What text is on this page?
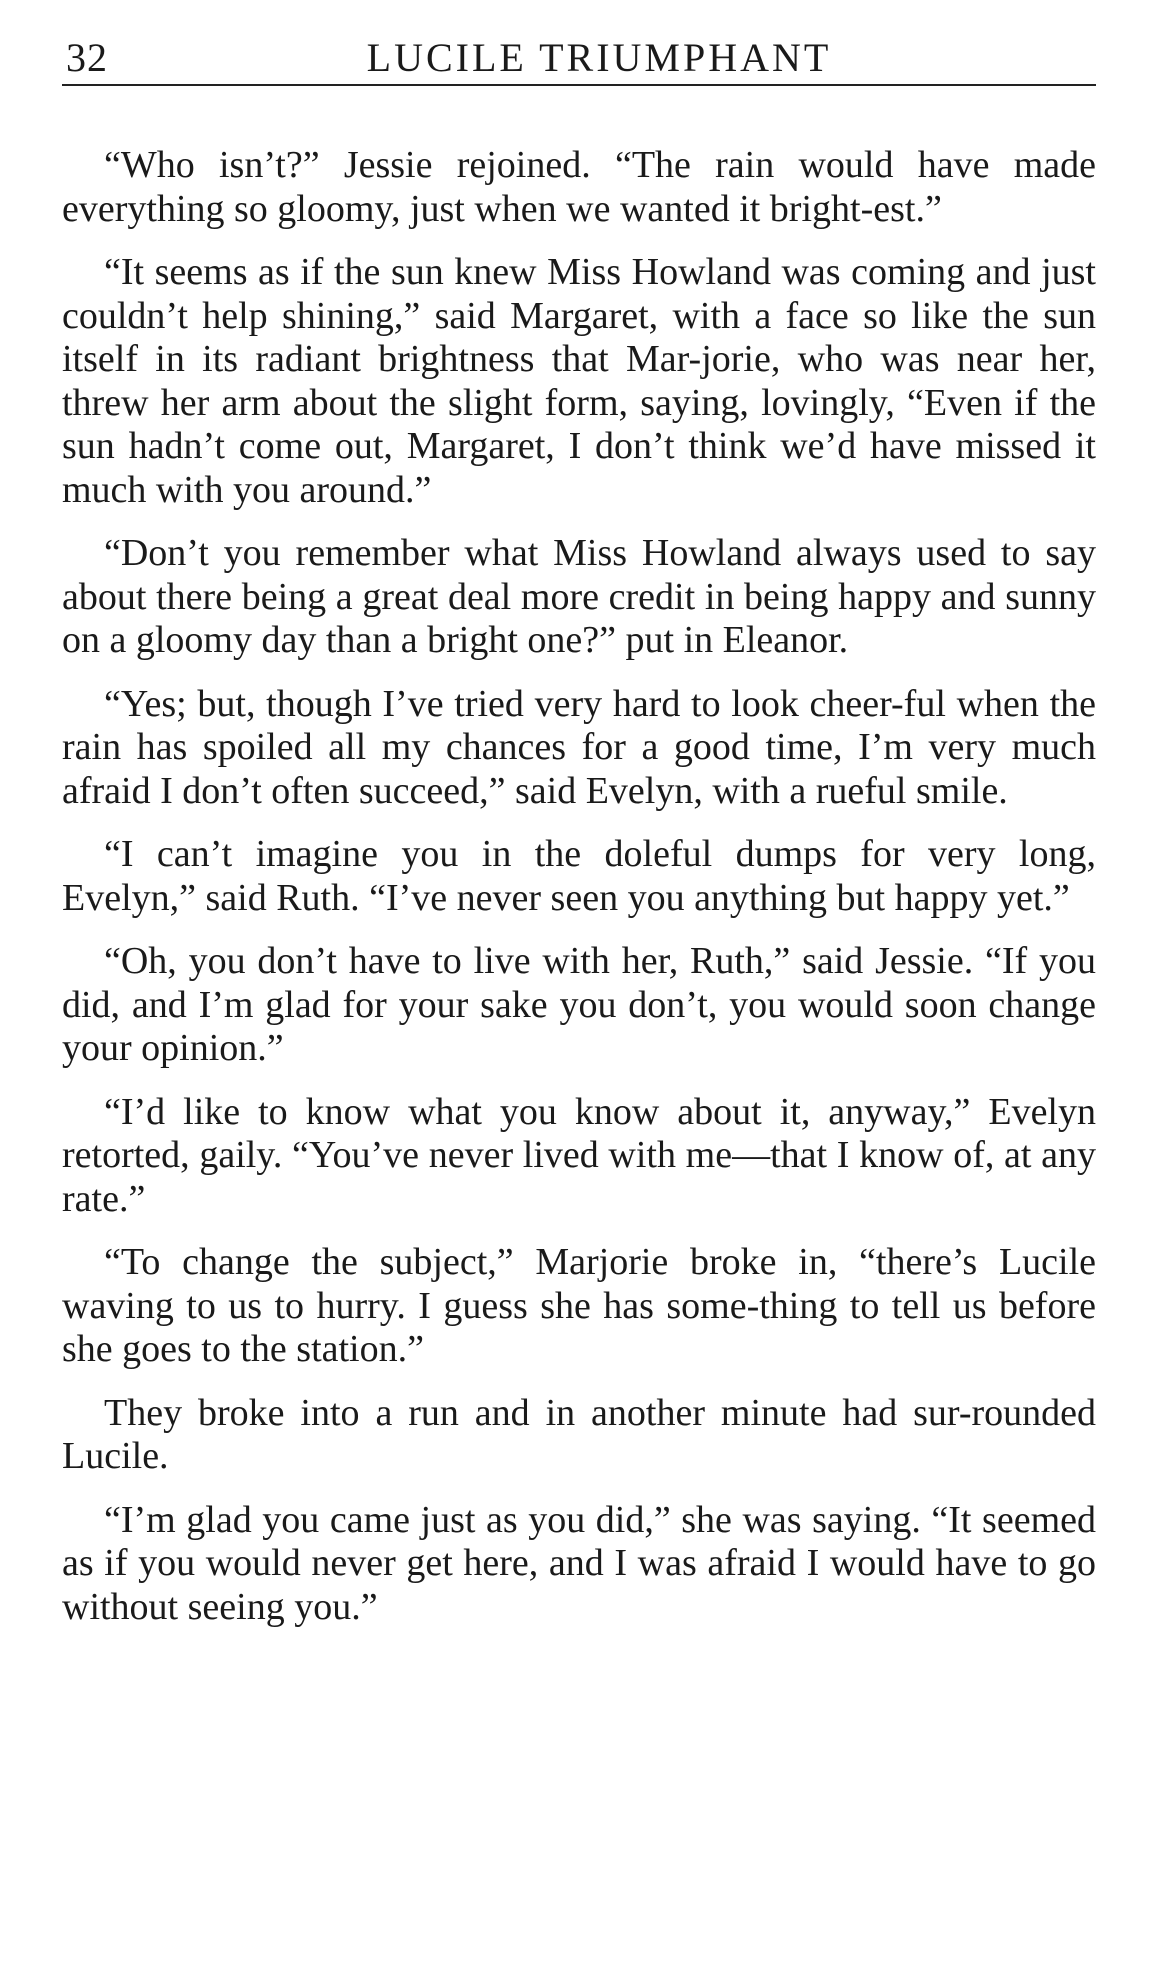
32	LUCILE TRIUMPHANT

“Who isn’t?” Jessie rejoined. “The rain would have made everything so gloomy, just when we wanted it bright-est.”

“It seems as if the sun knew Miss Howland was coming and just couldn’t help shining,” said Margaret, with a face so like the sun itself in its radiant brightness that Mar-jorie, who was near her, threw her arm about the slight form, saying, lovingly, “Even if the sun hadn’t come out, Margaret, I don’t think we’d have missed it much with you around.”

“Don’t you remember what Miss Howland always used to say about there being a great deal more credit in being happy and sunny on a gloomy day than a bright one?” put in Eleanor.

“Yes; but, though I’ve tried very hard to look cheer-ful when the rain has spoiled all my chances for a good time, I’m very much afraid I don’t often succeed,” said Evelyn, with a rueful smile.

“I can’t imagine you in the doleful dumps for very long, Evelyn,” said Ruth. “I’ve never seen you anything but happy yet.”

“Oh, you don’t have to live with her, Ruth,” said Jessie. “If you did, and I’m glad for your sake you don’t, you would soon change your opinion.”

“I’d like to know what you know about it, anyway,” Evelyn retorted, gaily. “You’ve never lived with me—that I know of, at any rate.”

“To change the subject,” Marjorie broke in, “there’s Lucile waving to us to hurry. I guess she has some-thing to tell us before she goes to the station.”

They broke into a run and in another minute had sur-rounded Lucile.

“I’m glad you came just as you did,” she was saying. “It seemed as if you would never get here, and I was afraid I would have to go without seeing you.”
